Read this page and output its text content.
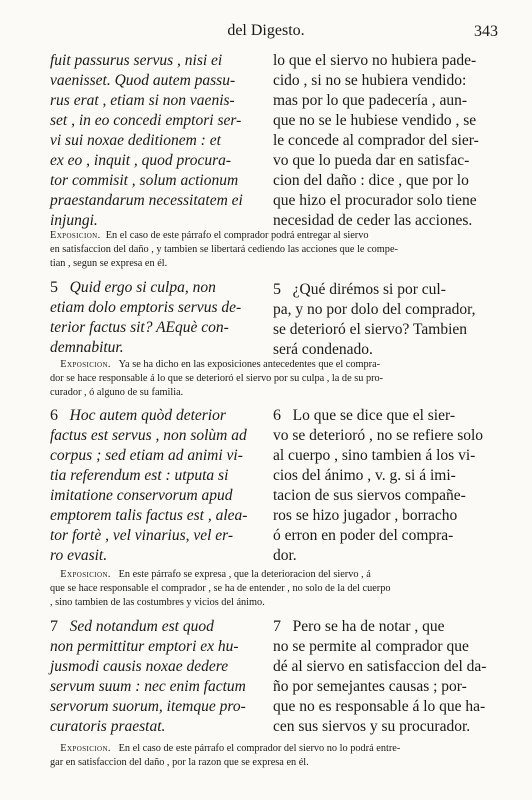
del Digesto.	343
fuit passurus servus , nisi ei
vaenisset. Quod autem passu-
rus erat , etiam si non vaenis-
set , in eo concedi emptori ser-
vi sui noxae deditionem : et
ex eo , inquit , quod procura-
tor commisit , solum actionum
praestandarum necessitatem ei
injungi.
lo que el siervo no hubiera pade-
cido , si no se hubiera vendido:
mas por lo que padecería , aun-
que no se le hubiese vendido , se
le concede al comprador del sier-
vo que lo pueda dar en satisfac-
cion del daño : dice , que por lo
que hizo el procurador solo tiene
necesidad de ceder las acciones.
Exposicion. En el caso de este párrafo el comprador podrá entregar al siervo
en satisfaccion del daño , y tambien se libertará cediendo las acciones que le compe-
tian , segun se expresa en él.
5 Quid ergo si culpa, non
etiam dolo emptoris servus de-
terior factus sit? AEquè con-
demnabitur.
5 ¿Qué dirémos si por cul-
pa, y no por dolo del comprador,
se deterioró el siervo? Tambien
será condenado.
Exposicion. Ya se ha dicho en las exposiciones antecedentes que el compra-
dor se hace responsable á lo que se deterioró el siervo por su culpa , la de su pro-
curador , ó alguno de su familia.
6 Hoc autem quòd deterior
factus est servus , non solùm ad
corpus ; sed etiam ad animi vi-
tia referendum est : utputa si
imitatione conservorum apud
emptorem talis factus est , alea-
tor fortè , vel vinarius, vel er-
ro evasit.
6 Lo que se dice que el sier-
vo se deterioró , no se refiere solo
al cuerpo , sino tambien á los vi-
cios del ánimo , v. g. si á imi-
tacion de sus siervos compañe-
ros se hizo jugador , borracho
ó erron en poder del compra-
dor.
Exposicion. En este párrafo se expresa , que la deterioracion del siervo , á
que se hace responsable el comprador , se ha de entender , no solo de la del cuerpo
, sino tambien de las costumbres y vicios del ánimo.
7 Sed notandum est quod
non permittitur emptori ex hu-
jusmodi causis noxae dedere
servum suum : nec enim factum
servorum suorum, itemque pro-
curatoris praestat.
7 Pero se ha de notar , que
no se permite al comprador que
dé al siervo en satisfaccion del da-
ño por semejantes causas ; por-
que no es responsable á lo que ha-
cen sus siervos y su procurador.
Exposicion. En el caso de este párrafo el comprador del siervo no lo podrá entre-
gar en satisfaccion del daño , por la razon que se expresa en él.
